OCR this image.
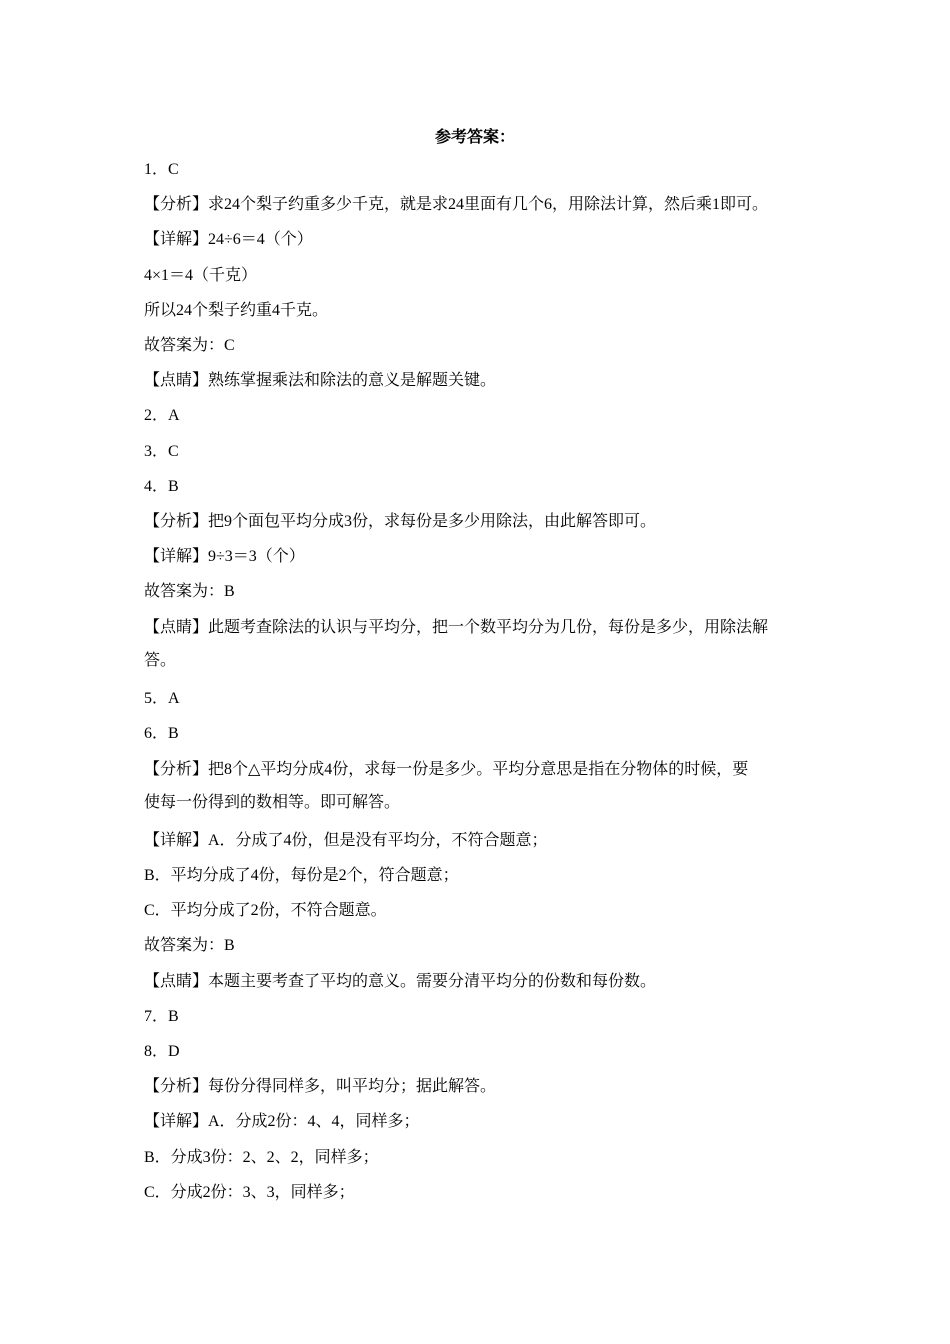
参考答案：
1．C
【分析】求24个梨子约重多少千克，就是求24里面有几个6，用除法计算，然后乘1即可。
【详解】24÷6＝4（个）
4×1＝4（千克）
所以24个梨子约重4千克。
故答案为：C
【点睛】熟练掌握乘法和除法的意义是解题关键。
2．A
3．C
4．B
【分析】把9个面包平均分成3份，求每份是多少用除法，由此解答即可。
【详解】9÷3＝3（个）
故答案为：B
【点睛】此题考查除法的认识与平均分，把一个数平均分为几份，每份是多少，用除法解
答。
5．A
6．B
【分析】把8个△平均分成4份，求每一份是多少。平均分意思是指在分物体的时候，要
使每一份得到的数相等。即可解答。
【详解】A．分成了4份，但是没有平均分，不符合题意；
B．平均分成了4份，每份是2个，符合题意；
C．平均分成了2份，不符合题意。
故答案为：B
【点睛】本题主要考查了平均的意义。需要分清平均分的份数和每份数。
7．B
8．D
【分析】每份分得同样多，叫平均分；据此解答。
【详解】A．分成2份：4、4，同样多；
B．分成3份：2、2、2，同样多；
C．分成2份：3、3，同样多；
